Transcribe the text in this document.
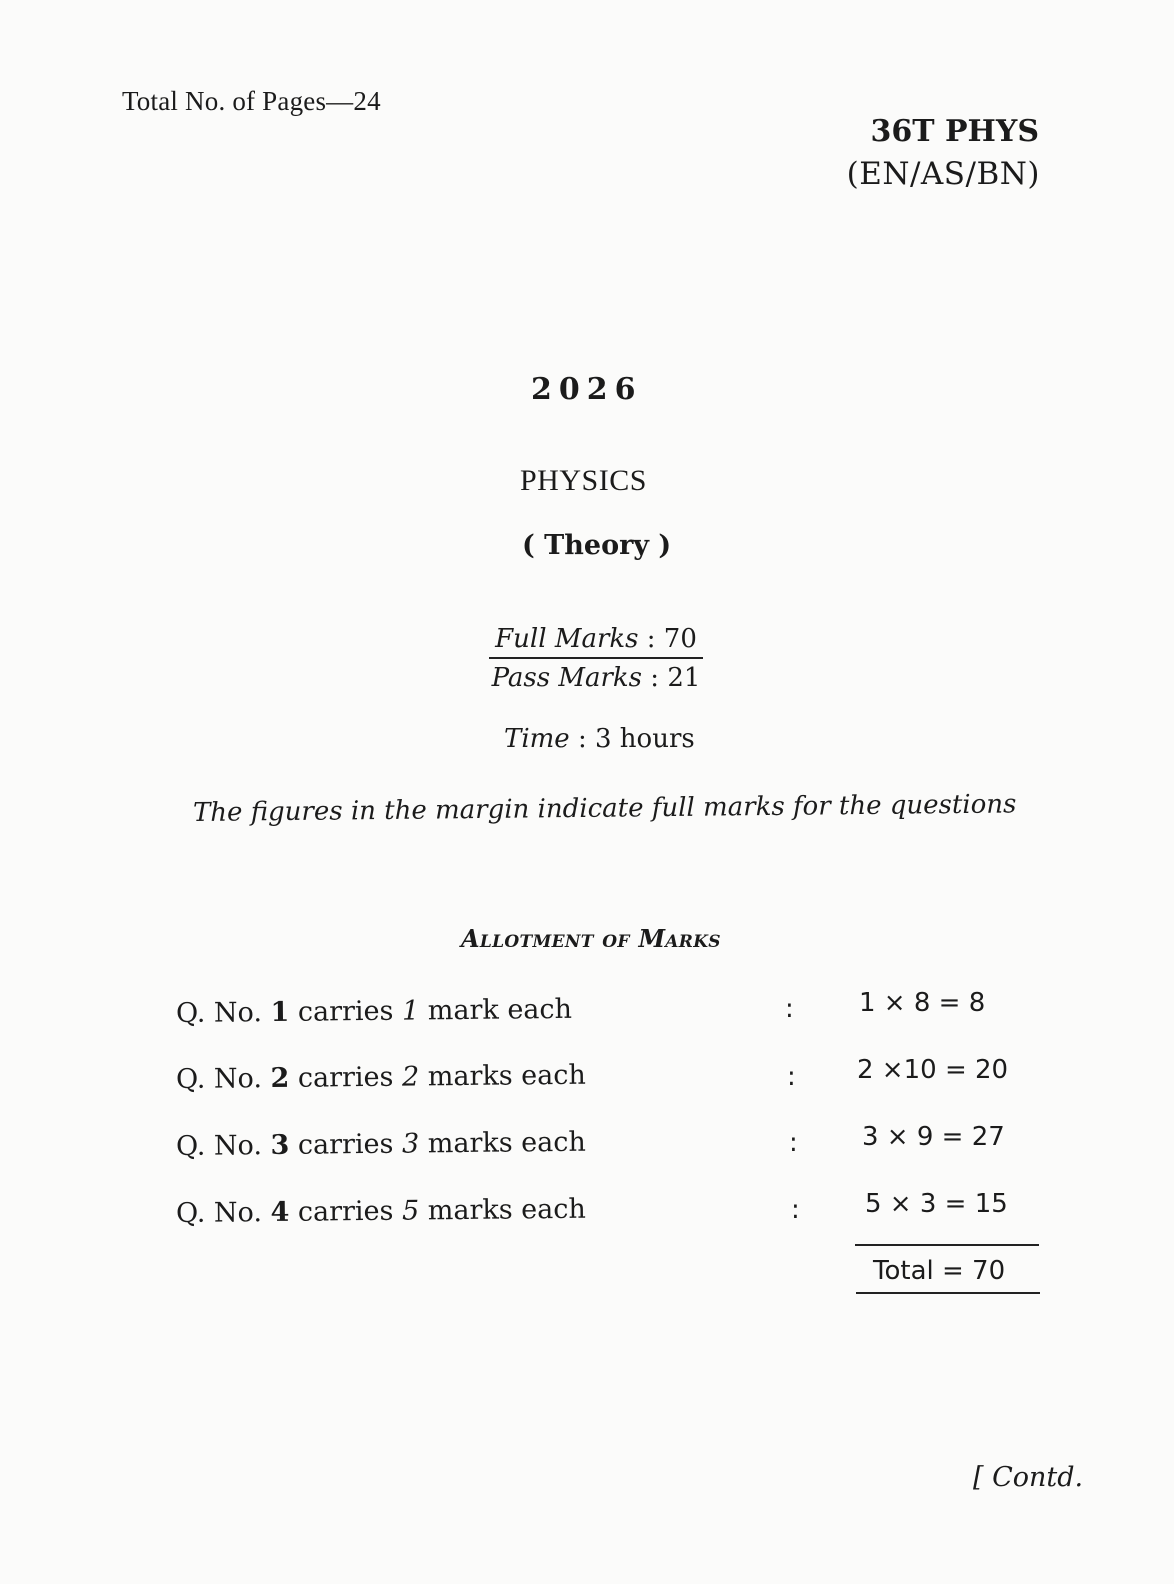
Total No. of Pages—24
36T PHYS
(EN/AS/BN)
2026
PHYSICS
( Theory )
Full Marks : 70
Pass Marks : 21
Time : 3 hours
The figures in the margin indicate full marks for the questions
Allotment of Marks
Q. No. 1 carries 1 mark each	:	1 × 8 = 8
Q. No. 2 carries 2 marks each	: 2 ×10 = 20
Q. No. 3 carries 3 marks each	: 3 × 9 = 27
Q. No. 4 carries 5 marks each	:	5 × 3 = 15
Total = 70
[ Contd.
